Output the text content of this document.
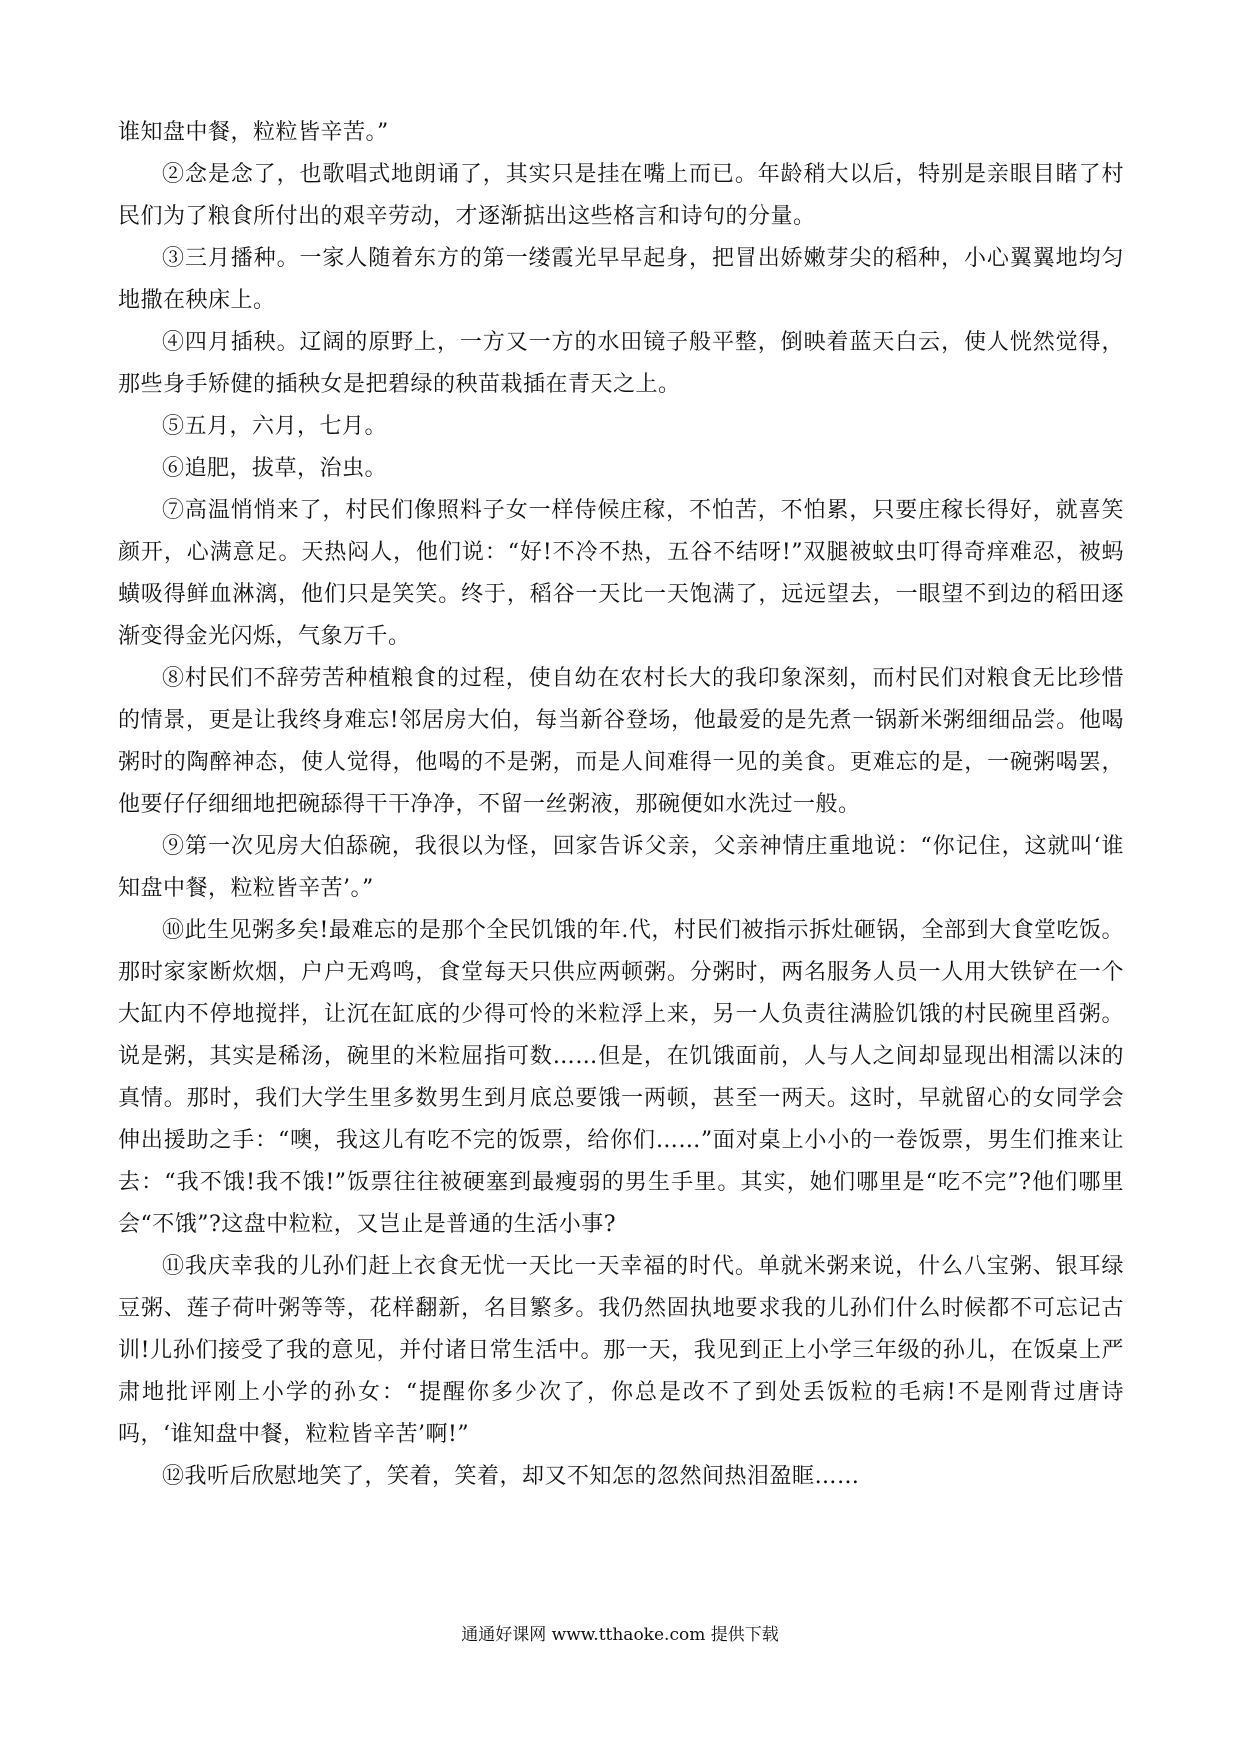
谁知盘中餐，粒粒皆辛苦。”

②念是念了，也歌唱式地朗诵了，其实只是挂在嘴上而已。年龄稍大以后，特别是亲眼目睹了村民们为了粮食所付出的艰辛劳动，才逐渐掂出这些格言和诗句的分量。

③三月播种。一家人随着东方的第一缕霞光早早起身，把冒出娇嫩芽尖的稻种，小心翼翼地均匀地撒在秧床上。

④四月插秧。辽阔的原野上，一方又一方的水田镜子般平整，倒映着蓝天白云，使人恍然觉得，那些身手矫健的插秧女是把碧绿的秧苗栽插在青天之上。

⑤五月，六月，七月。

⑥追肥，拔草，治虫。

⑦高温悄悄来了，村民们像照料子女一样侍候庄稼，不怕苦，不怕累，只要庄稼长得好，就喜笑颜开，心满意足。天热闷人，他们说：“好!不冷不热，五谷不结呀!”双腿被蚊虫叮得奇痒难忍，被蚂蟥吸得鲜血淋漓，他们只是笑笑。终于，稻谷一天比一天饱满了，远远望去，一眼望不到边的稻田逐渐变得金光闪烁，气象万千。

⑧村民们不辞劳苦种植粮食的过程，使自幼在农村长大的我印象深刻，而村民们对粮食无比珍惜的情景，更是让我终身难忘!邻居房大伯，每当新谷登场，他最爱的是先煮一锅新米粥细细品尝。他喝粥时的陶醉神态，使人觉得，他喝的不是粥，而是人间难得一见的美食。更难忘的是，一碗粥喝罢，他要仔仔细细地把碗舔得干干净净，不留一丝粥液，那碗便如水洗过一般。

⑨第一次见房大伯舔碗，我很以为怪，回家告诉父亲，父亲神情庄重地说：“你记住，这就叫‘谁知盘中餐，粒粒皆辛苦’。”

⑩此生见粥多矣!最难忘的是那个全民饥饿的年.代，村民们被指示拆灶砸锅，全部到大食堂吃饭。那时家家断炊烟，户户无鸡鸣，食堂每天只供应两顿粥。分粥时，两名服务人员一人用大铁铲在一个大缸内不停地搅拌，让沉在缸底的少得可怜的米粒浮上来，另一人负责往满脸饥饿的村民碗里舀粥。说是粥，其实是稀汤，碗里的米粒屈指可数……但是，在饥饿面前，人与人之间却显现出相濡以沫的真情。那时，我们大学生里多数男生到月底总要饿一两顿，甚至一两天。这时，早就留心的女同学会伸出援助之手：“噢，我这儿有吃不完的饭票，给你们……”面对桌上小小的一卷饭票，男生们推来让去：“我不饿!我不饿!”饭票往往被硬塞到最瘦弱的男生手里。其实，她们哪里是“吃不完”?他们哪里会“不饿”?这盘中粒粒，又岂止是普通的生活小事?

⑪我庆幸我的儿孙们赶上衣食无忧一天比一天幸福的时代。单就米粥来说，什么八宝粥、银耳绿豆粥、莲子荷叶粥等等，花样翻新，名目繁多。我仍然固执地要求我的儿孙们什么时候都不可忘记古训!儿孙们接受了我的意见，并付诸日常生活中。那一天，我见到正上小学三年级的孙儿，在饭桌上严肃地批评刚上小学的孙女：“提醒你多少次了，你总是改不了到处丢饭粒的毛病!不是刚背过唐诗吗，‘谁知盘中餐，粒粒皆辛苦’啊!”

⑫我听后欣慰地笑了，笑着，笑着，却又不知怎的忽然间热泪盈眶……

通通好课网 www.tthaoke.com 提供下载
